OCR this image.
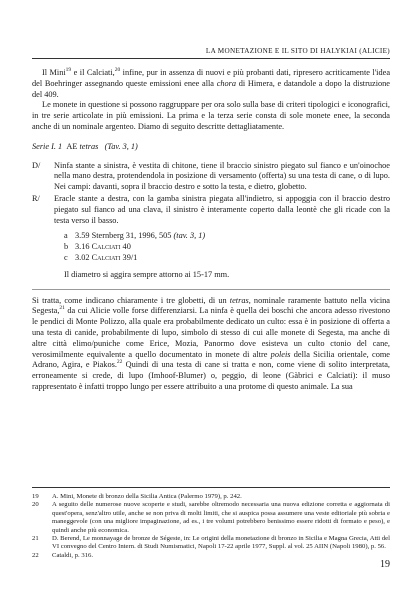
LA MONETAZIONE E IL SITO DI HALYKIAI (ALICIE)

Il Mini$^{19}$ e il Calciati,$^{20}$ infine, pur in assenza di nuovi e più probanti dati, ripresero acriticamente l'idea del Boehringer assegnando queste emissioni enee alla chora di Himera, e datandole a dopo la distruzione del 409.

Le monete in questione si possono raggruppare per ora solo sulla base di criteri tipologici e iconografici, in tre serie articolate in più emissioni. La prima e la terza serie consta di sole monete enee, la seconda anche di un nominale argenteo. Diamo di seguito descritte dettagliatamente.

Serie I. 1 AE tetras (Tav. 3, 1)
D/	Ninfa stante a sinistra, è vestita di chitone, tiene il braccio sinistro piegato sul fianco e un'oinochoe nella mano destra, protendendola in posizione di versamento (offerta) su una testa di cane, o di lupo. Nei campi: davanti, sopra il braccio destro e sotto la testa, e dietro, globetto.
R/	Eracle stante a destra, con la gamba sinistra piegata all'indietro, si appoggia con il braccio destro piegato sul fianco ad una clava, il sinistro è interamente coperto dalla leontè che gli ricade con la testa verso il basso.
a 3.59 Sternberg 31, 1996, 505 (tav. 3, 1)
b 3.16 Calciati 40
c 3.02 Calciati 39/1
Il diametro si aggira sempre attorno ai 15-17 mm.

Si tratta, come indicano chiaramente i tre globetti, di un tetras, nominale raramente battuto nella vicina Segesta,$^{21}$ da cui Alicie volle forse differenziarsi. La ninfa è quella dei boschi che ancora adesso rivestono le pendici di Monte Polizzo, alla quale era probabilmente dedicato un culto: essa è in posizione di offerta a una testa di canide, probabilmente di lupo, simbolo di stesso di cui alle monete di Segesta, ma anche di altre città elimo/puniche come Erice, Mozia, Panormo dove esisteva un culto ctonio del cane, verosimilmente equivalente a quello documentato in monete di altre poleis della Sicilia orientale, come Adrano, Agira, e Piakos.$^{22}$ Quindi di una testa di cane si tratta e non, come viene di solito interpretata, erroneamente si crede, di lupo (Imhoof-Blumer) o, peggio, di leone (Gàbrici e Calciati): il muso rappresentato è infatti troppo lungo per essere attribuito a una protome di questo animale. La sua

19	A. Mini, Monete di bronzo della Sicilia Antica (Palermo 1979), p. 242.
20	A seguito delle numerose nuove scoperte e studi, sarebbe oltremodo necessaria una nuova edizione corretta e aggiornata di quest'opera, senz'altro utile, anche se non priva di molti limiti, che si auspica possa assumere una veste editoriale più sobria e maneggevole (con una migliore impaginazione, ad es., i tre volumi potrebbero benissimo essere ridotti di formato e peso), e quindi anche più economica.
21	D. Berend, Le monnayage de bronze de Ségeste, in: Le origini della monetazione di bronzo in Sicilia e Magna Grecia, Atti del VI convegno del Centro Intern. di Studi Numismatici, Napoli 17-22 aprile 1977, Suppl. al vol. 25 AIIN (Napoli 1980), p. 56.
22	Cataldi, p. 316.
19
